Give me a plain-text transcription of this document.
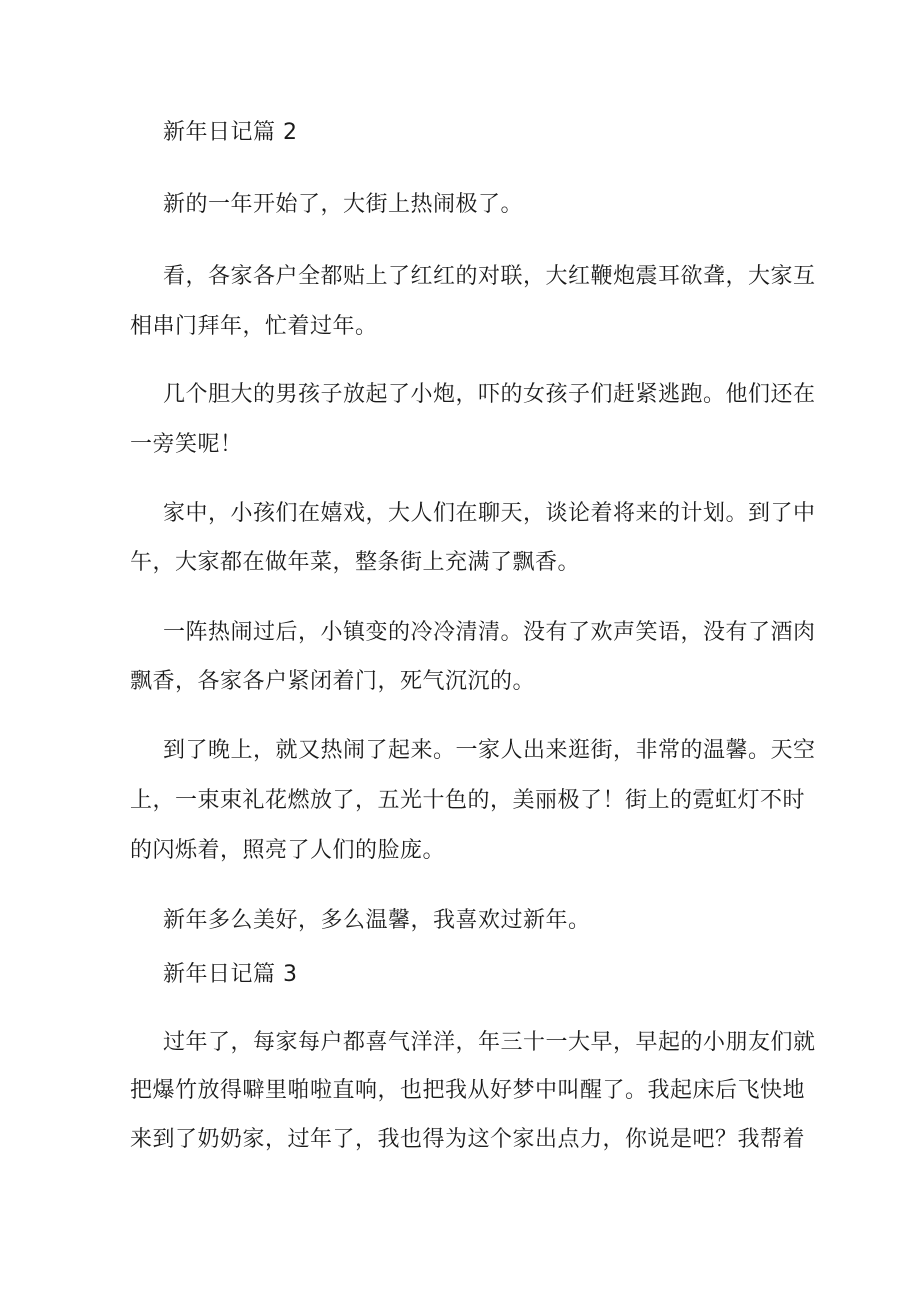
新年日记篇 2
新的一年开始了，大街上热闹极了。
看，各家各户全都贴上了红红的对联，大红鞭炮震耳欲聋，大家互
相串门拜年，忙着过年。
几个胆大的男孩子放起了小炮，吓的女孩子们赶紧逃跑。他们还在
一旁笑呢！
家中，小孩们在嬉戏，大人们在聊天，谈论着将来的计划。到了中
午，大家都在做年菜，整条街上充满了飘香。
一阵热闹过后，小镇变的冷冷清清。没有了欢声笑语，没有了酒肉
飘香，各家各户紧闭着门，死气沉沉的。
到了晚上，就又热闹了起来。一家人出来逛街，非常的温馨。天空
上，一束束礼花燃放了，五光十色的，美丽极了！街上的霓虹灯不时
的闪烁着，照亮了人们的脸庞。
新年多么美好，多么温馨，我喜欢过新年。
新年日记篇 3
过年了，每家每户都喜气洋洋，年三十一大早，早起的小朋友们就
把爆竹放得噼里啪啦直响，也把我从好梦中叫醒了。我起床后飞快地
来到了奶奶家，过年了，我也得为这个家出点力，你说是吧？我帮着
